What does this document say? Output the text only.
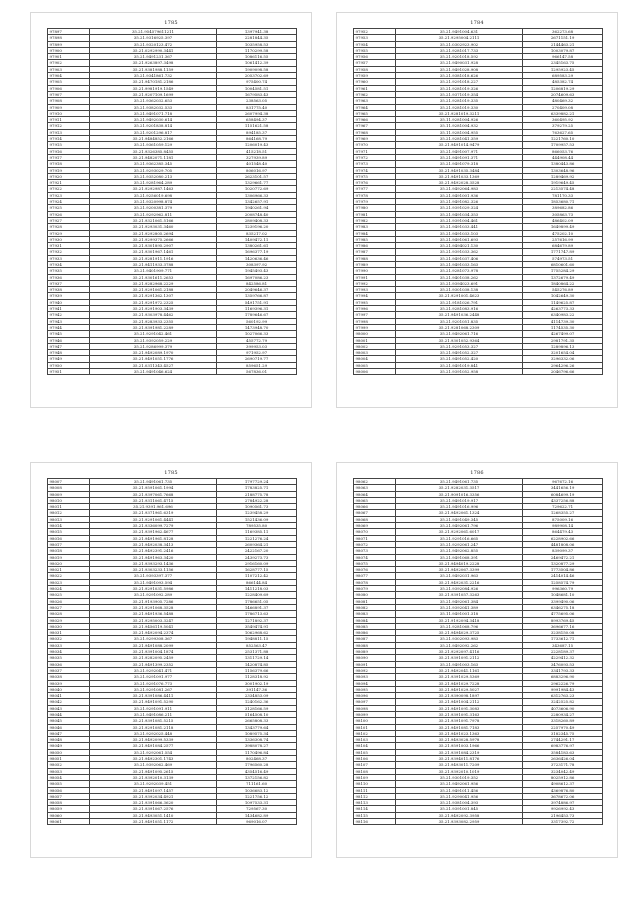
1785
97897	35.21.954579611211	1397941.38
97898	35.21.9316925.397	2281844.35
97899	35.21.9320123.472	1035958.53
97900	35.21.0292990.3441	1170299.58
97901	35.21.9491231.367	1086116.55
97902	35.21.9263897.3498	1061412.39
97903	35.21.9381988.1159	1909098.58
97904	35.21.9341861.732	2053702.69
97905	35.21.9470181.2186	975400.74
97906	35.21.9981919.1549	1004581.51
97907	35.21.9207109.1699	1679583.43
97908	35.21.9362032.653	238563.05
97909	35.21.9382032.533	831775.40
97910	35.21.9491071.718	2607994.38
97911	35.21.9492030.614	658494.37
97912	35.21.9201838.814	1151621.58
97913	35.21.9201296.817	894185.37
97914	35.21.9484852.2166	864168.79
97915	35.21.9361059.129	1206019.43
97916	35.21.9326385.8455	415218.51
97917	35.21.9482071.1181	327939.89
97918	35.21.9362385.345	401548.40
97919	35.21.9293029.705	806016.97
97920	35.21.9352080.213	2623101.57
97921	35.21.9281964.289	1329661.77
97922	35.21.9292987.1463	1020772.69
97923	35.21.9256019.698	1306966.33
97924	35.21.9320998.874	1342657.91
97925	35.21.9200381.379	1940261.94
97926	35.21.9292962.811	2008748.40
97927	35.21.9321061.5166	2809408.33
97928	35.21.9293031.3460	1239196.20
97929	35.21.9292805.2694	835217.02
97930	35.21.9299375.2666	1409472.11
97931	35.21.9301895.2907	1380261.61
97932	35.21.9301967.1461	1696377.19
97933	35.21.9281911.1916	1420636.46
97934	35.21.9411933.3788	308397.92
97935	35.21.9401909.771	1945493.43
97936	35.21.9301611.2653	1697086.23
97937	35.21.9282968.2229	842586.81
97938	35.21.9291061.2188	2049646.37
97939	35.21.9291362.1307	1359766.87
97940	35.21.9291972.2325	5491751.91
97941	35.21.9291903.3439	1169396.31
97942	35.21.9303978.4462	1789646.67
97943	35.21.9283933.2355	560192.99
97944	35.21.9391981.2289	1473948.70
97945	35.21.9291042.461	1027066.33
97946	35.21.9392059.229	455772.79
97947	35.21.9286999.379	399953.03
97948	35.21.9492089.1970	971952.97
97949	35.21.9491051.1776	2690719.77
97950	35.21.0311343.4527	859651.29
97951	35.21.9491046.624	567836.01
1784
97952	35.21.9491004.631	362273.68
97953	35.21.9295004.2111	2671151.19
97954	35.21.0302923.902	2144463.21
97955	35.21.9281017.733	1003079.87
97956	35.21.9201018.592	966147.58
97957	35.21.9490031.928	2345163.75
97958	35.21.9491028.908	1295923.45
97959	35.21.9381018.626	689583.29
97960	35.21.9291018.227	485382.74
97961	35.21.9281019.326	1206819.29
97962	35.21.9371019.354	2074609.63
97963	35.21.9281019.335	480469.32
97964	35.21.9281019.330	270409.08
97965	35.21.9281019.3211	6339882.21
97966	35.11.9281004.926	360495.92
97967	35.11.9281004.932	379279.25
97968	35.11.9281004.955	763627.65
97969	35.21.9281041.359	1221760.10
97970	35.21.9491014.9479	1709957.53
97971	35.21.9491007.971	866053.76
97972	35.21.9491091.371	444908.44
97973	35.21.9491079.318	1380443.86
97974	35.21.9491035.3484	1303648.96
97975	35.21.9491033.1369	1289469.92
97976	35.21.9492028.3528	1919649.45
97977	35.21.9492064.983	2213574.48
97978	35.21.9491001.936	781170.33
97979	35.21.9491082.326	1853680.71
97980	35.21.9391029.324	389682.86
97981	35.21.9491034.353	305863.73
97982	35.21.9391004.461	486402.09
97983	35.21.9491033.441	1649899.49
97984	35.21.9491033.103	475202.10
97985	35.21.9491061.693	257616.99
97986	35.21.9494021.130	684679.89
97987	35.21.9391033.362	1771747.89
97988	35.21.9491037.406	574973.51
97989	35.21.9491033.163	6810601.60
97990	35.21.9281073.978	1755284.29
97991	35.21.9401038.262	1372679.49
97992	35.21.9394023.691	1840864.22
97993	35.21.9301038.138	545276.89
97994	35.21.9291001.4623	1042649.30
97995	35.21.9181026.791	1149625.87
97996	35.21.9281083.916	4263773.33
97997	35.21.9491036.2448	6340983.22
97998	35.21.9201051.835	4114739.30
97999	35.21.9281068.2309	1174535.30
98000	35.21.9492061.716	4267499.07
98001	35.21.9301052.9364	2981791.35
98002	35.21.9291053.327	1289896.13
98003	35.21.9491052.327	3201654.04
98004	35.21.9491052.420	3296332.06
98005	35.21.9491019.841	2964296.26
98006	35.21.9391052.958	2046796.66
1785
98007	35.21.9491061.735	1797729.24
98008	35.21.9591061.1994	1783825.71
98009	35.21.9397061.7668	2188775.78
98010	35.21.9311061.4715	2784922.28
98011	35.21.9391.961.696	1090561.73
98012	35.21.9371961.6319	1239458.29
98013	35.21.9291061.4441	1521436.09
98014	35.21.9336099.7279	789535.80
98015	35.21.9391962.4677	1169385.11
98016	35.21.9491961.8128	1221276.24
98017	35.21.9492038.3413	2609364.21
98018	35.21.9492391.2416	2422167.20
98019	35.21.9491963.3420	2439273.73
98020	35.21.9393293.1436	2916160.09
98021	35.21.9303233.1156	1628777.15
98022	35.21.9393397.377	1107212.42
98023	35.21.9491093.594	866144.84
98024	35.21.9291031.5986	1411218.03
98025	35.21.9291092.289	1228409.69
98026	35.21.9193905.7286	1786651.05
98027	35.21.9291068.3528	1466891.37
98028	35.21.9491936.5488	1786713.63
98029	35.21.9295003.3247	1271892.37
98030	35.21.9456119.5041	3549474.91
98031	35.21.9492094.2374	1062968.62
98032	35.21.9299308.367	1948811.15
98033	35.21.9491088.2099	852563.47
98034	35.21.9391004.1874	2531371.88
98035	35.21.9282095.2459	1311729.14
98036	35.21.9491399.2352	1420874.85
98037	35.21.9292041.471	1156379.66
98038	35.21.9291091.977	1128318.92
98039	35.21.9291076.773	3001902.19
98040	35.21.9291081.267	391147.36
98041	35.21.9391086.4411	2334853.09
98042	35.21.9491091.5290	1240162.36
98043	35.21.9291091.911	3128166.59
98044	35.21.9491086.211	5164508.10
98045	35.21.9391081.5215	2665808.33
98046	35.21.9291081.2118	1343779.64
98047	35.21.9292025.448	1089575.34
98048	35.21.9492099.5339	1336308.74
98049	35.21.9491084.2577	3988078.27
98050	35.21.9292061.554	1170496.84
98051	35.21.9492301.1743	802468.37
98052	35.21.9392062.469	1796560.28
98053	35.21.9491095.2615	4354516.49
98054	35.21.9392010.3139	1372156.82
98055	35.21.9292039.451	711161.60
98056	35.21.9491097.1457	1036683.12
98057	35.21.9392034.4921	1221756.12
98058	35.21.9391066.3620	1097533.31
98059	35.21.9391067.2576	729567.30
98060	35.21.9493051.1410	1434682.89
98061	35.21.9491051.1172	969016.07
1786
98062	35.21.9491061.735	967672.16
98063	35.21.9282031.3517	3441656.19
98064	35.21.9091016.3356	6084699.19
98065	35.21.9491019.917	4337256.88
98066	35.21.9491016.996	729622.71
98067	35.21.9492061.1324	1268355.27
98068	35.21.9491049.345	875009.16
98069	35.21.9492061.796	989908.14
98070	35.21.9292061.6017	864479.43
98071	35.21.9291016.665	6228902.66
98072	35.21.9292061.247	4481808.06
98073	35.21.9492062.855	839099.37
98074	35.21.9491068.391	2469472.21
98075	35.21.9494019.2228	1320877.29
98076	35.21.9492067.3399	1773504.86
98077	35.21.9492031.963	2414014.46
98078	35.21.9492031.2216	1258574.79
98079	35.21.9392084.926	996360.79
98080	35.21.9391057.3263	1048681.10
98081	35.21.9492061.384	3399490.06
98082	35.21.9392041.389	6346275.18
98083	35.11.9491001.318	4775695.06
98084	35.21.9192094.3418	8993769.45
98085	35.21.9281068.796	3696677.16
98086	35.21.9494029.3725	3238150.08
98087	35.21.9302093.983	1733612.71
98088	35.21.9492092.262	343687.15
98089	35.21.9292097.4116	2228189.37
98090	35.21.9391091.2112	4229412.32
98091	35.21.9491003.163	3476093.53
98092	35.21.9492041.1161	3341793.33
98093	35.21.9391029.5369	6883296.90
98094	35.21.9491029.7228	2962226.79
98095	35.21.9491029.5027	9991984.43
98096	35.21.9390098.1897	6312763.23
98097	35.21.9491004.2112	3242525.82
98098	35.21.9491091.3083	4073606.90
98099	35.21.9391091.3163	2280934.27
98100	35.21.9391091.7978	3318260.89
98101	35.21.9491081.7183	2257970.49
98102	35.21.9491023.1363	3182345.75
98103	35.21.9493028.5978	2744291.17
98104	35.21.9591003.1966	6983776.97
98105	35.21.9391084.2319	3584183.63
98106	35.21.9394011.8176	2636426.04
98107	35.21.9493011.7209	3723171.78
98108	35.21.9392010.1019	3234042.49
98109	35.21.9301019.352	8025912.86
98110	35.21.9492061.956	4908612.37
98111	35.21.9491011.456	4369876.80
98112	35.21.9290041.956	3678672.06
98113	35.21.9381004.393	3974886.97
98114	35.21.9391001.845	9926992.43
98115	35.21.9492092.3958	2196453.73
98116	35.21.9393082.2959	3317392.72
